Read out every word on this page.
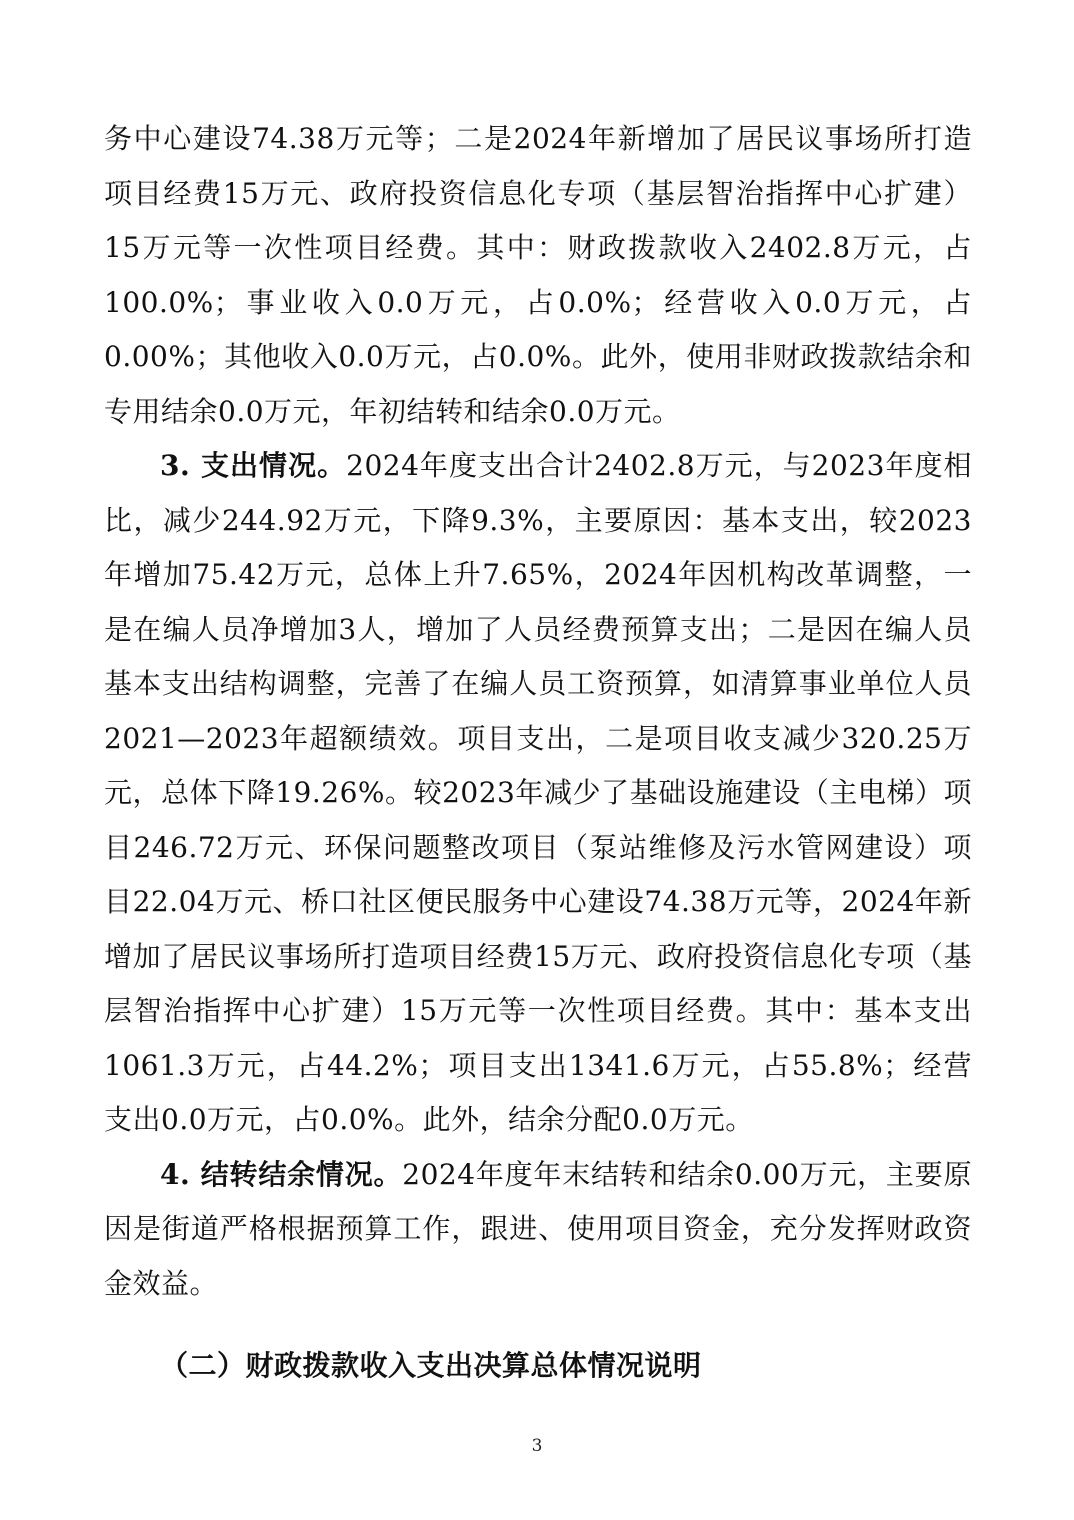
务中心建设74.38万元等；二是2024年新增加了居民议事场所打造项目经费15万元、政府投资信息化专项（基层智治指挥中心扩建）15万元等一次性项目经费。其中：财政拨款收入2402.8万元，占100.0%；事业收入0.0万元，占0.0%；经营收入0.0万元，占0.00%；其他收入0.0万元，占0.0%。此外，使用非财政拨款结余和专用结余0.0万元，年初结转和结余0.0万元。

3. 支出情况。2024年度支出合计2402.8万元，与2023年度相比，减少244.92万元，下降9.3%，主要原因：基本支出，较2023年增加75.42万元，总体上升7.65%，2024年因机构改革调整，一是在编人员净增加3人，增加了人员经费预算支出；二是因在编人员基本支出结构调整，完善了在编人员工资预算，如清算事业单位人员2021—2023年超额绩效。项目支出，二是项目收支减少320.25万元，总体下降19.26%。较2023年减少了基础设施建设（主电梯）项目246.72万元、环保问题整改项目（泵站维修及污水管网建设）项目22.04万元、桥口社区便民服务中心建设74.38万元等，2024年新增加了居民议事场所打造项目经费15万元、政府投资信息化专项（基层智治指挥中心扩建）15万元等一次性项目经费。其中：基本支出1061.3万元，占44.2%；项目支出1341.6万元，占55.8%；经营支出0.0万元，占0.0%。此外，结余分配0.0万元。

4. 结转结余情况。2024年度年末结转和结余0.00万元，主要原因是街道严格根据预算工作，跟进、使用项目资金，充分发挥财政资金效益。

（二）财政拨款收入支出决算总体情况说明

3
